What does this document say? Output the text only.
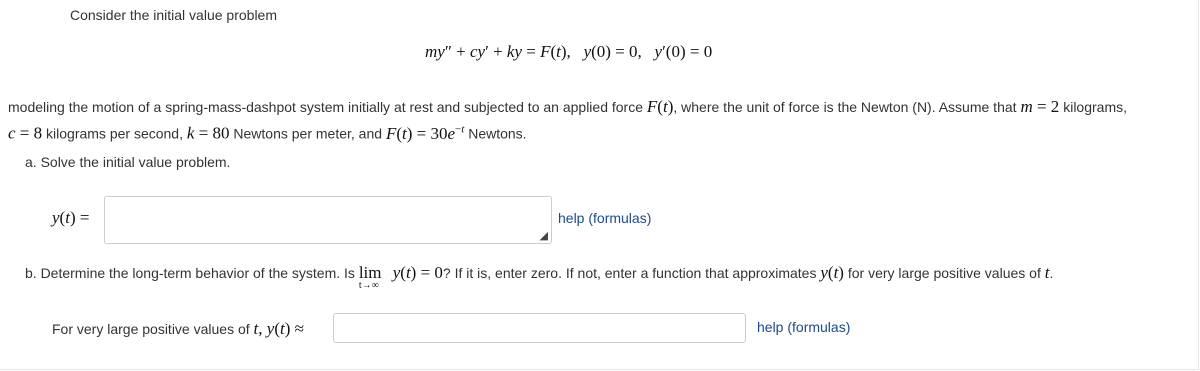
Consider the initial value problem
my″ + cy′ + ky = F(t),   y(0) = 0,   y′(0) = 0
modeling the motion of a spring-mass-dashpot system initially at rest and subjected to an applied force F(t), where the unit of force is the Newton (N). Assume that m = 2 kilograms,
c = 8 kilograms per second, k = 80 Newtons per meter, and $F(t) = 30e^{-t}$ Newtons.
a. Solve the initial value problem.
y(t) =
◢
help (formulas)
b. Determine the long-term behavior of the system. Is lim
t→∞
y(t) = 0? If it is, enter zero. If not, enter a function that approximates y(t) for very large positive values of t.
For very large positive values of t, y(t) ≈	help (formulas)
